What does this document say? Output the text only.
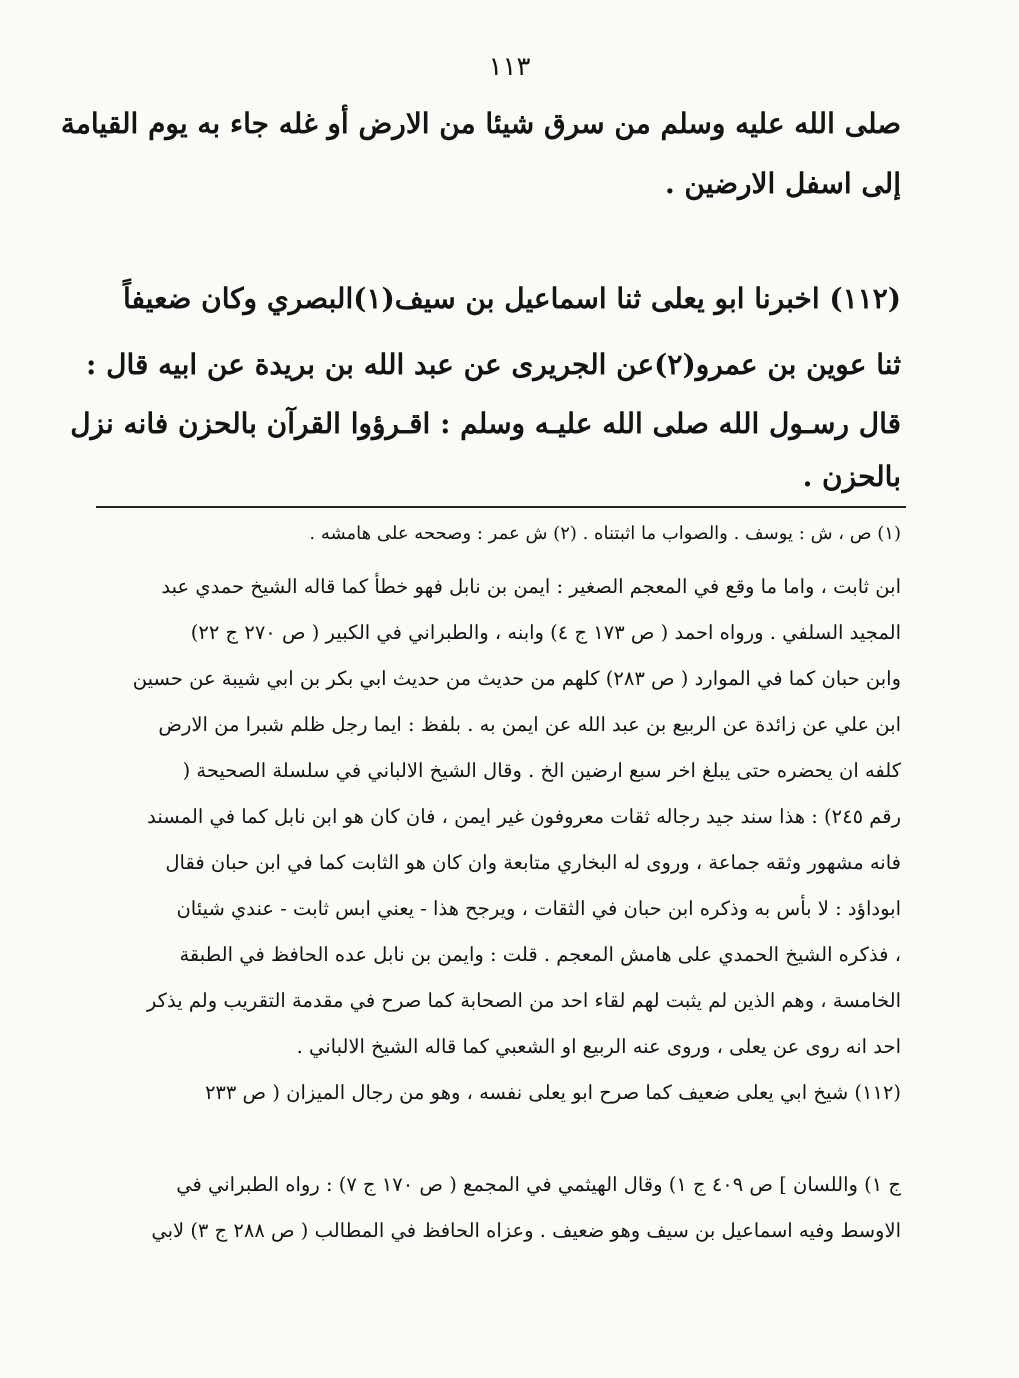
١١٣
صلى الله عليه وسلم من سرق شيئا من الارض أو غله جاء به يوم القيامة
إلى اسفل الارضين .
(١١٢) اخبرنا ابو يعلى ثنا اسماعيل بن سيف(١)البصري وكان ضعيفاً
ثنا عوين بن عمرو(٢)عن الجريرى عن عبد الله بن بريدة عن ابيه قال :
قال رسـول الله صلى الله عليـه وسلم : اقـرؤوا القرآن بالحزن فانه نزل
بالحزن .
(١) ص ، ش : يوسف . والصواب ما اثبتناه . (٢) ش عمر : وصححه على هامشه .
ابن ثابت ، واما ما وقع في المعجم الصغير : ايمن بن نابل فهو خطأ كما قاله الشيخ حمدي عبد
المجيد السلفي . ورواه احمد ( ص ١٧٣ ج ٤) وابنه ، والطبراني في الكبير ( ص ٢٧٠ ج ٢٢)
وابن حبان كما في الموارد ( ص ٢٨٣) كلهم من حديث من حديث ابي بكر بن ابي شيبة عن حسين
ابن علي عن زائدة عن الربيع بن عبد الله عن ايمن به . بلفظ : ايما رجل ظلم شبرا من الارض
كلفه ان يحضره حتى يبلغ اخر سبع ارضين الخ . وقال الشيخ الالباني في سلسلة الصحيحة (
رقم ٢٤٥) : هذا سند جيد رجاله ثقات معروفون غير ايمن ، فان كان هو ابن نابل كما في المسند
فانه مشهور وثقه جماعة ، وروى له البخاري متابعة وان كان هو الثابت كما في ابن حبان فقال
ابوداؤد : لا بأس به وذكره ابن حبان في الثقات ، ويرجح هذا - يعني ابس ثابت - عندي شيئان
، فذكره الشيخ الحمدي على هامش المعجم . قلت : وايمن بن نابل عده الحافظ في الطبقة
الخامسة ، وهم الذين لم يثبت لهم لقاء احد من الصحابة كما صرح في مقدمة التقريب ولم يذكر
احد انه روى عن يعلى ، وروى عنه الربيع او الشعبي كما قاله الشيخ الالباني .
(١١٢) شيخ ابي يعلى ضعيف كما صرح ابو يعلى نفسه ، وهو من رجال الميزان ( ص ٢٣٣
ج ١) واللسان ] ص ٤٠٩ ج ١) وقال الهيثمي في المجمع ( ص ١٧٠ ج ٧) : رواه الطبراني في
الاوسط وفيه اسماعيل بن سيف وهو ضعيف . وعزاه الحافظ في المطالب ( ص ٢٨٨ ج ٣) لابي
